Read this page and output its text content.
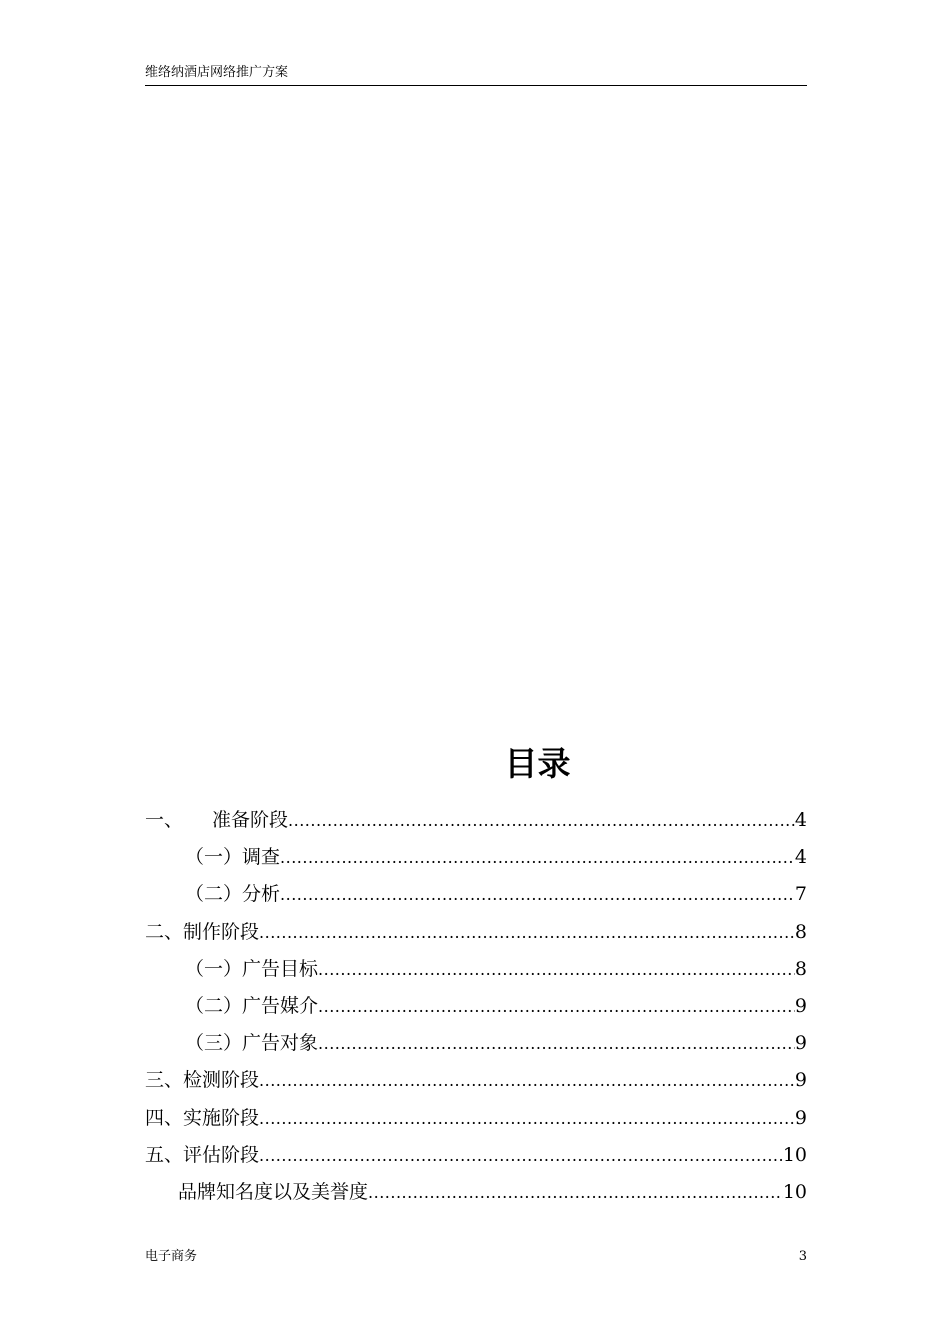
维络纳酒店网络推广方案
目录
一、	准备阶段 .....	4
（一）调查 .....	4
（二）分析 .....	7
二、制作阶段 .....	8
（一）广告目标 .....	8
（二）广告媒介 .....	9
（三）广告对象 .....	9
三、检测阶段 .....	9
四、实施阶段 .....	9
五、评估阶段 .....	10
品牌知名度以及美誉度 .....	10
电子商务	3
